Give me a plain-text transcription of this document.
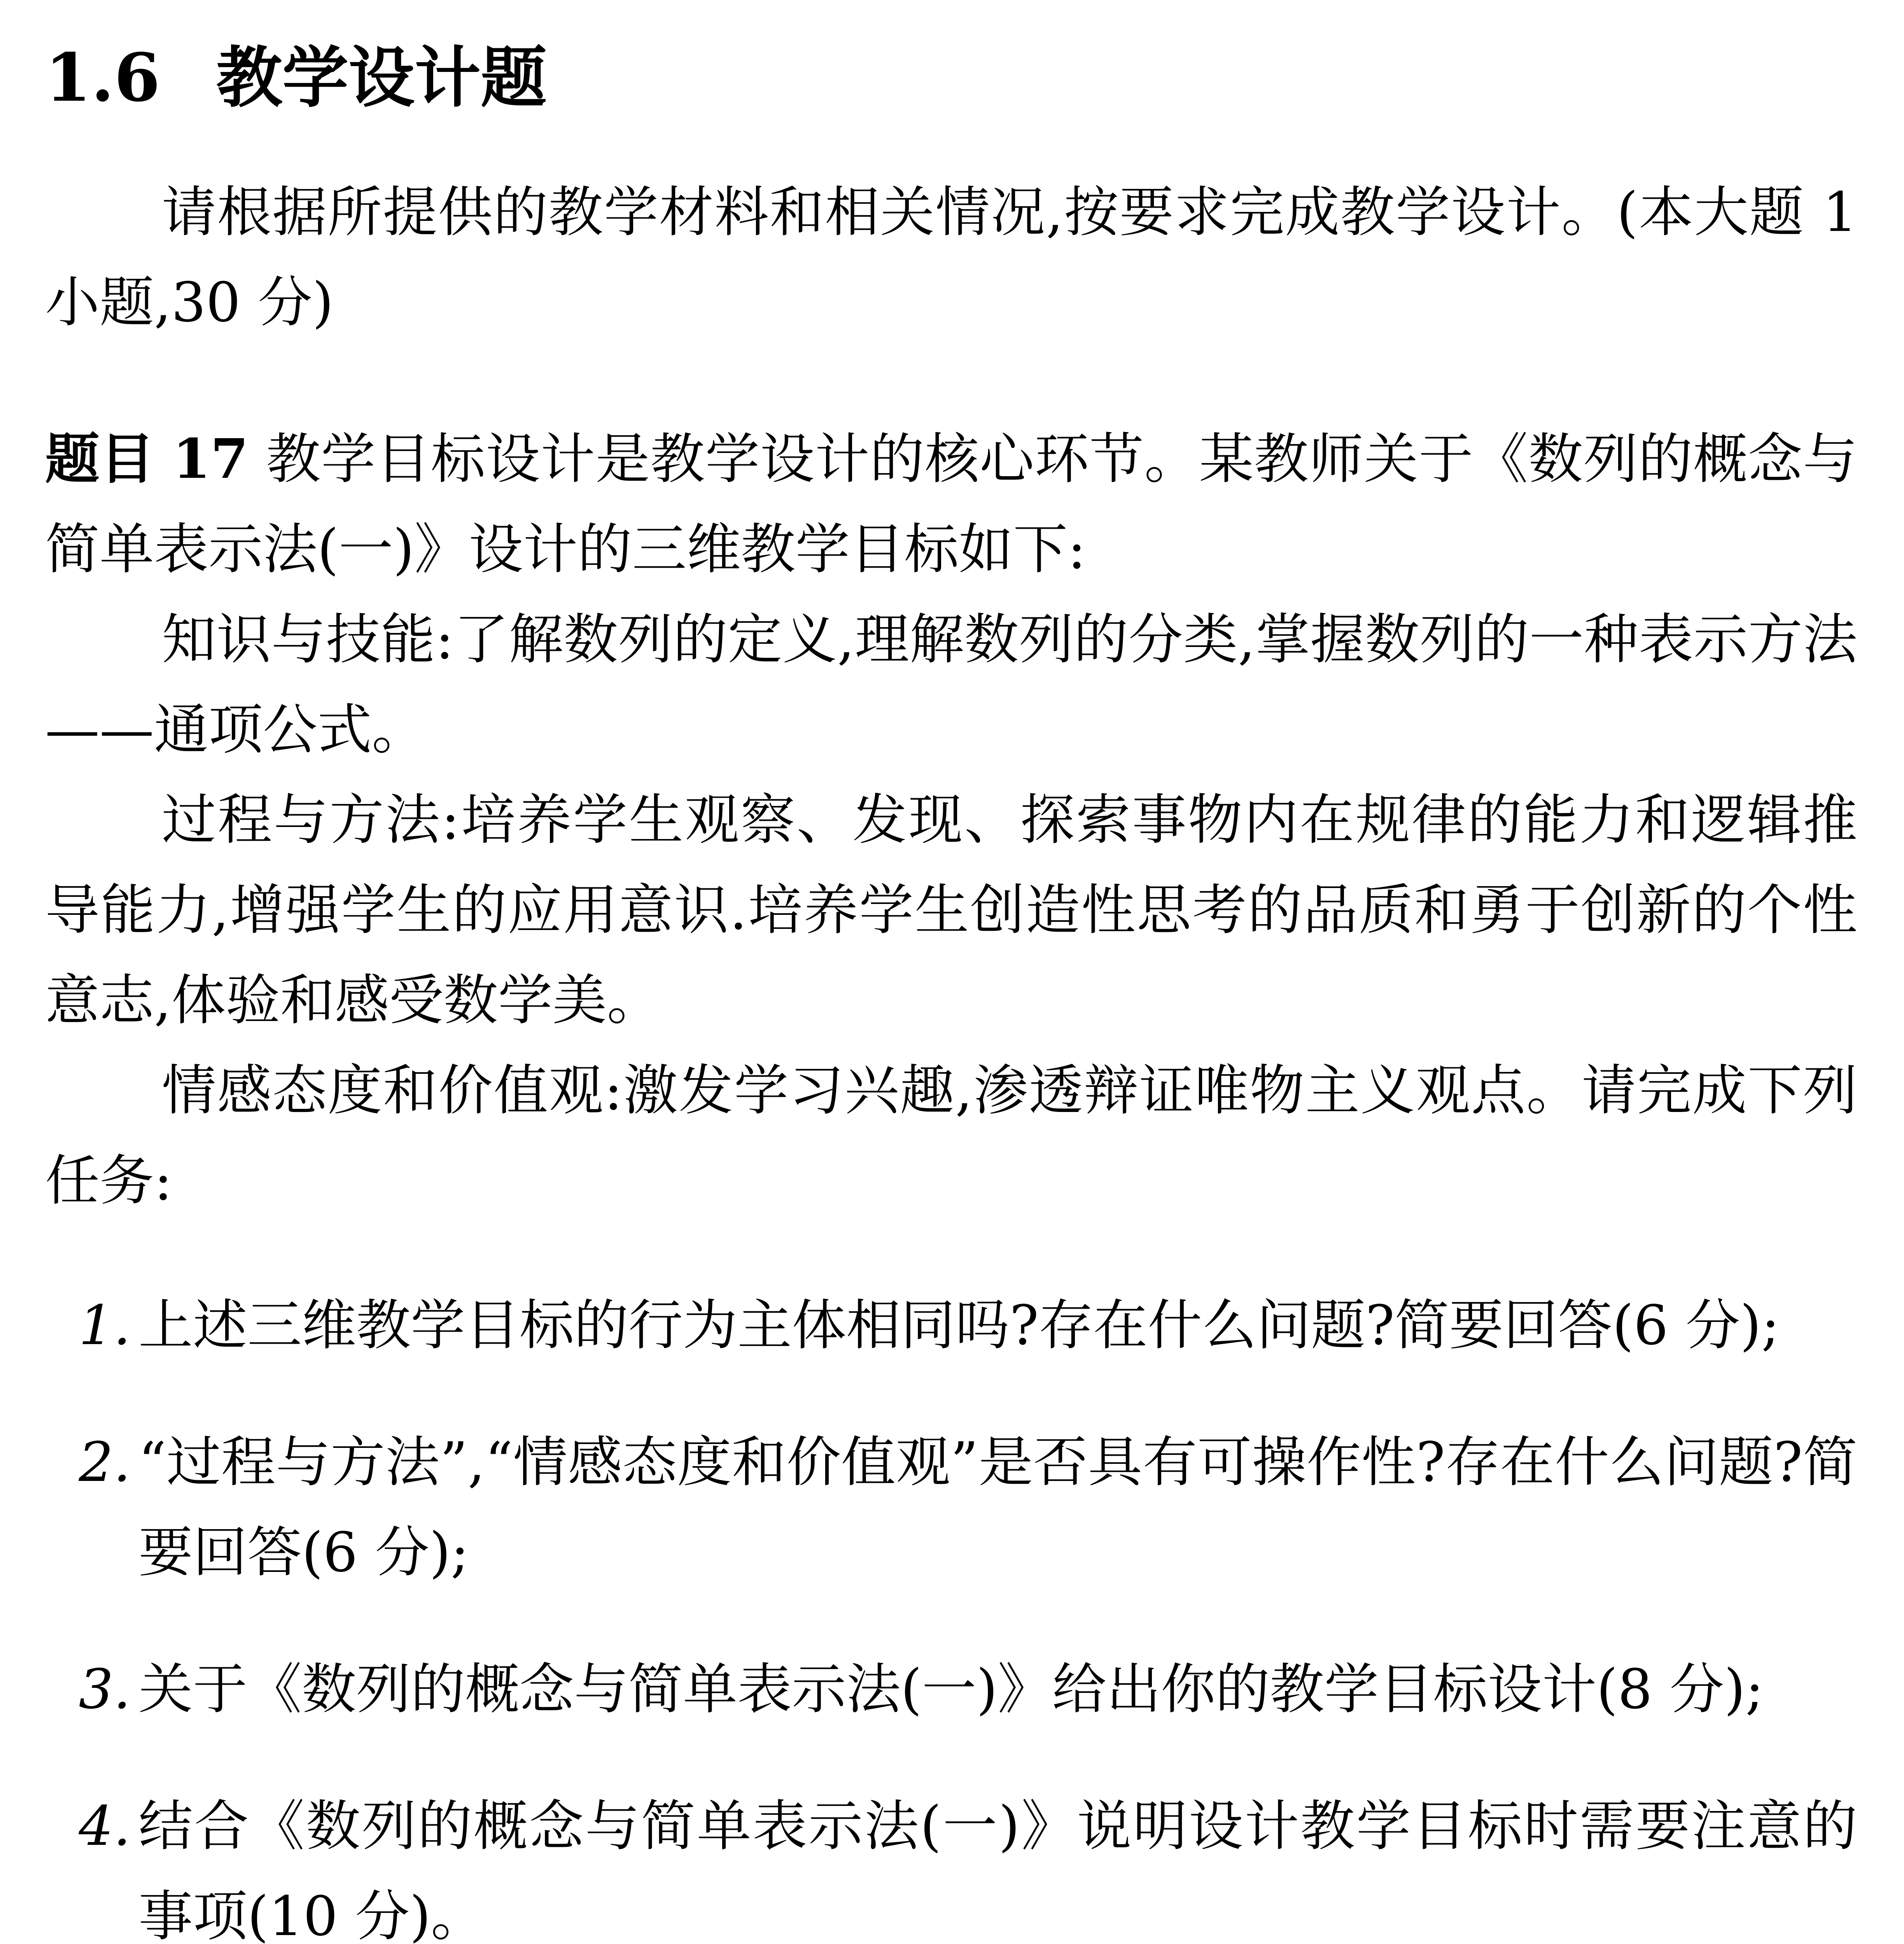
1.6 教学设计题

请根据所提供的教学材料和相关情况,按要求完成教学设计。(本大题 1 小题,30 分)

题目 17 教学目标设计是教学设计的核心环节。某教师关于《数列的概念与简单表示法(一)》设计的三维教学目标如下:

知识与技能:了解数列的定义,理解数列的分类,掌握数列的一种表示方法——通项公式。

过程与方法:培养学生观察、发现、探索事物内在规律的能力和逻辑推导能力,增强学生的应用意识.培养学生创造性思考的品质和勇于创新的个性意志,体验和感受数学美。

情感态度和价值观:激发学习兴趣,渗透辩证唯物主义观点。请完成下列任务:

1. 上述三维教学目标的行为主体相同吗?存在什么问题?简要回答(6 分);
2. “过程与方法”,“情感态度和价值观”是否具有可操作性?存在什么问题?简要回答(6 分);
3. 关于《数列的概念与简单表示法(一)》给出你的教学目标设计(8 分);
4. 结合《数列的概念与简单表示法(一)》说明设计教学目标时需要注意的事项(10 分)。
